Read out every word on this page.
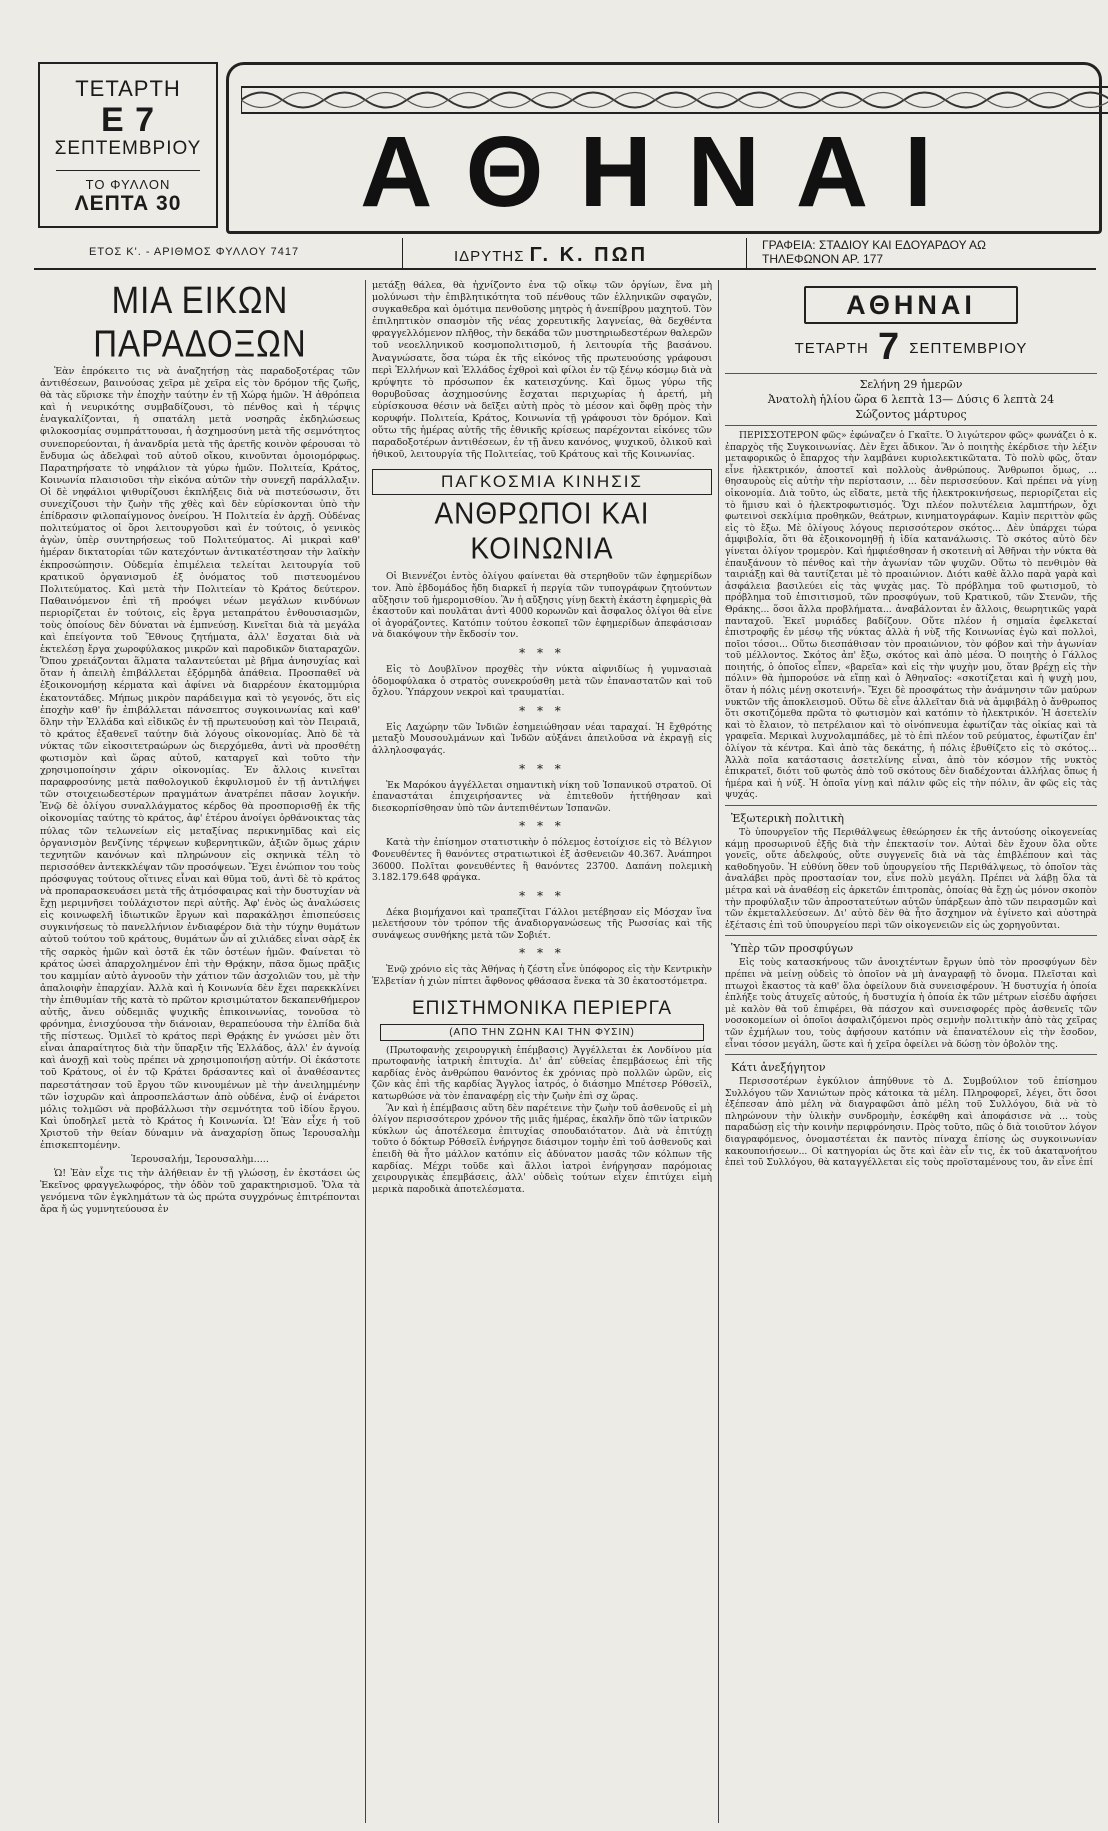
ΤΕΤΑΡΤΗ
Ε 7
ΣΕΠΤΕΜΒΡΙΟΥ
ΤΟ ΦΥΛΛΟΝ
ΛΕΠΤΑ 30	ΑΘΗΝΑΙ
ΕΤΟΣ Κ'. - ΑΡΙΘΜΟΣ ΦΥΛΛΟΥ 7417	ΙΔΡΥΤΗΣ Γ. Κ. ΠΩΠ	ΓΡΑΦΕΙΑ: ΣΤΑΔΙΟΥ ΚΑΙ ΕΔΟΥΑΡΔΟΥ ΑΩ
ΤΗΛΕΦΩΝΟΝ ΑΡ. 177
ΜΙΑ ΕΙΚΩΝ ΠΑΡΑΔΟΞΩΝ

Ἐὰν ἐπρόκειτο τις νὰ ἀναζητήσῃ τὰς παραδοξοτέρας τῶν ἀντιθέσεων, βαινούσας χεῖρα μὲ χεῖρα εἰς τὸν δρόμον τῆς ζωῆς, θὰ τὰς εὕρισκε τὴν ἐποχὴν ταύτην ἐν τῇ Χώρᾳ ἡμῶν. Ἡ ἀθρόπεια καὶ ἡ νευρικότης συμβαδίζουσι, τὸ πένθος καὶ ἡ τέρψις ἐναγκαλίζονται, ἡ σπατάλη μετὰ νοσηρᾶς ἐκδηλώσεως φιλοκοσμίας συμπράττουσαι, ἡ ἀσχημοσύνη μετὰ τῆς σεμνότητος συνεπορεύονται, ἡ ἀνανδρία μετὰ τῆς ἀρετῆς κοινὸν φέρουσαι τὸ ἔνδυμα ὡς ἀδελφαὶ τοῦ αὐτοῦ οἴκου, κινοῦνται ὁμοιομόρφως. Παρατηρήσατε τὸ νηφάλιον τὰ γύρω ἡμῶν. Πολιτεία, Κράτος, Κοινωνία πλαισιοῦσι τὴν εἰκόνα αὐτῶν τὴν συνεχῆ παράλλαξιν. Οἱ δὲ νηφάλιοι ψιθυρίζουσι ἐκπλήξεις διὰ νὰ πιστεύσωσιν, ὅτι συνεχίζουσι τὴν ζωὴν τῆς χθὲς καὶ δὲν εὑρίσκονται ὑπὸ τὴν ἐπίδρασιν φιλοπαίγμονος ὀνείρου. Ἡ Πολιτεία ἐν ἀρχῇ. Οὐδένας πολιτεύματος οἱ ὅροι λειτουργοῦσι καὶ ἐν τούτοις, ὁ γενικὸς ἀγὼν, ὑπὲρ συντηρήσεως τοῦ Πολιτεύματος. Αἱ μικραὶ καθ' ἡμέραν δικτατορίαι τῶν κατεχόντων ἀντικατέστησαν τὴν λαϊκὴν ἐκπροσώπησιν. Οὐδεμία ἐπιμέλεια τελείται λειτουργία τοῦ κρατικοῦ ὀργανισμοῦ ἐξ ὀνόματος τοῦ πιστευομένου Πολιτεύματος. Καὶ μετὰ τὴν Πολιτείαν τὸ Κράτος δεύτερον. Παθαινόμενον ἐπὶ τῆ προόψει νέων μεγάλων κινδύνων περιορίζεται ἐν τούτοις, εἰς ἔργα μεταπράτου ἐνθουσιασμῶν, τοὺς ὁποίους δὲν δύναται νὰ ἐμπνεύσῃ. Κινεῖται διὰ τὰ μεγάλα καὶ ἐπείγοντα τοῦ Ἔθνους ζητήματα, ἀλλ' ἔσχαται διὰ νὰ ἐκτελέσῃ ἔργα χωροφύλακος μικρῶν καὶ παροδικῶν διαταραχῶν. Ὅπου χρειάζονται ἅλματα ταλαντεύεται μὲ βῆμα ἀνησυχίας καὶ ὅταν ἡ ἀπειλὴ ἐπιβάλλεται ἐξόρμηδὰ ἀπάθεια. Προσπαθεῖ νὰ ἐξοικονομήσῃ κέρματα καὶ ἀφίνει νὰ διαρρέουν ἑκατομμύρια ἑκατοντάδες. Μήπως μικρὸν παράδειγμα καὶ τὸ γεγονός, ὅτι εἰς ἐποχὴν καθ' ἣν ἐπιβάλλεται πάνσεπτος συγκοινωνίας καὶ καθ' ὅλην τὴν Ἑλλάδα καὶ εἰδικῶς ἐν τῇ πρωτευούσῃ καὶ τὸν Πειραιᾶ, τὸ κράτος ἐξαθενεῖ ταύτην διὰ λόγους οἰκονομίας. Ἀπὸ δὲ τὰ νύκτας τῶν εἰκοσιτετραώρων ὡς διερχόμεθα, ἀντὶ νὰ προσθέτῃ φωτισμὸν καὶ ὥρας αὐτοῦ, καταργεῖ καὶ τοῦτο τὴν χρησιμοποίησιν χάριν οἰκονομίας. Ἐν ἄλλοις κινεῖται παραφροσύνης μετὰ παθολογικοῦ ἐκφυλισμοῦ ἐν τῇ ἀντιλήψει τῶν στοιχειωδεστέρων πραγμάτων ἀνατρέπει πᾶσαν λογικήν. Ἐνῷ δὲ ὀλίγου συναλλάγματος κέρδος θὰ προσπορισθῇ ἐκ τῆς οἰκονομίας ταύτης τὸ κράτος, ἀφ' ἑτέρου ἀνοίγει ὀρθάνοικτας τὰς πύλας τῶν τελωνείων εἰς μεταξίνας περικνημῖδας καὶ εἰς ὀργανισμὸν βενζίνης τέρψεων κυβερνητικῶν, ἀξιῶν ὅμως χάριν τεχνητῶν κανόνων καὶ πληρώνουν εἰς σκηνικὰ τέλη τὸ περισσόθεν ἀντεκκλέψαν τῶν προσόψεων. Ἔχει ἐνώπιον του τοὺς πρόσφυγας τούτους οἵτινες εἶναι καὶ θῦμα τοῦ, ἀντὶ δὲ τὸ κράτος νὰ προπαρασκευάσει μετὰ τῆς ἀτμόσφαιρας καὶ τὴν δυστυχίαν νὰ ἔχῃ μεριμνῆσει τοὐλάχιστον περὶ αὐτῆς. Ἀφ' ἑνὸς ὡς ἀναλώσεις εἰς κοινωφελῆ ἰδιωτικῶν ἔργων καὶ παρακάλῃσι ἐπισπεύσεις συγκινήσεως τὸ πανελλήνιον ἐνδιαφέρον διὰ τὴν τύχην θυμάτων αὐτοῦ τούτου τοῦ κράτους, θυμάτων ὧν αἱ χιλιάδες εἶναι σὰρξ ἐκ τῆς σαρκὸς ἡμῶν καὶ ὀστᾶ ἐκ τῶν ὀστέων ἡμῶν. Φαίνεται τὸ κράτος ὡσεὶ ἀπαρχολημένον ἐπὶ τὴν Θρᾴκην, πᾶσα ὅμως πρᾶξις του καμμίαν αὐτὸ ἀγνοοῦν τὴν χάτιον τῶν ἀσχολιῶν του, μὲ τὴν ἀπαλοιφὴν ἐπαρχίαν. Ἀλλὰ καὶ ἡ Κοινωνία δὲν ἔχει παρεκκλίνει τὴν ἐπιθυμίαν τῆς κατὰ τὸ πρῶτον κρισιμώτατον δεκαπενθήμερον αὐτῆς, ἄνευ οὐδεμιᾶς ψυχικῆς ἐπικοινωνίας, τονοῦσα τὸ φρόνημα, ἐνισχύουσα τὴν διάνοιαν, θεραπεύουσα τὴν ἐλπίδα διὰ τῆς πίστεως. Ὁμιλεῖ τὸ κράτος περὶ Θρᾴκης ἐν γνώσει μὲν ὅτι εἶναι ἀπαραίτητος διὰ τὴν ὕπαρξιν τῆς Ἑλλάδος, ἀλλ' ἐν ἀγνοίᾳ καὶ ἀνοχῇ καὶ τοὺς πρέπει νὰ χρησιμοποιήσῃ αὐτήν. Οἱ ἐκάστοτε τοῦ Κράτους, οἱ ἐν τῷ Κράτει δράσαντες καὶ οἱ ἀναθέσαντες παρεστάτησαν τοῦ ἔργου τῶν κινουμένων μὲ τὴν ἀνειλημμένην τῶν ἰσχυρῶν καὶ ἀπροσπελάστων ἀπὸ οὐδένα, ἐνῷ οἱ ἐνάρετοι μόλις τολμῶσι νὰ προβάλλωσι τὴν σεμνότητα τοῦ ἰδίου ἔργου. Καὶ ὑποδηλεῖ μετὰ τὸ Κράτος ἡ Κοινωνία. Ὡ! Ἐὰν εἶχε ἡ τοῦ Χριστοῦ τὴν θείαν δύναμιν νὰ ἀναχαρίσῃ ὅπως Ἱερουσαλὴμ ἐπισκεπτομένην.

Ἱερουσαλήμ, Ἱερουσαλὴμ.....

Ὡ! Ἐὰν εἶχε τις τὴν ἀλήθειαν ἐν τῇ γλώσσῃ, ἐν ἐκστάσει ὡς Ἐκεῖνος φραγγελωφόρος, τὴν ὁδὸν τοῦ χαρακτηρισμοῦ. Ὅλα τὰ γενόμενα τῶν ἐγκλημάτων τὰ ὡς πρώτα συγχρόνως ἐπιτρέπονται ἄρα ἤ ὡς γυμνητεύουσα ἐν

μετάξῃ θάλεα, θὰ ἠχνίζοντο ἐνα τῷ οἴκῳ τῶν ὀργίων, ἕνα μὴ μολύνωσι τὴν ἐπιβλητικότητα τοῦ πένθους τῶν ἑλληνικῶν σφαγῶν, συγκαθεδρα καὶ ὁμότιμα πενθοῦσης μητρὸς ἡ ἀνεπίβρου μαχητοῦ. Τὸν ἐπιληπτικὸν σπασμὸν τῆς νέας χορευτικῆς λαγνείας, θὰ δεχθέντα φραγγελλόμενον πλῆθος, τὴν δεκάδα τῶν μυστηριωδεστέρων θαλερῶν τοῦ νεοελληνικοῦ κοσμοπολιτισμοῦ, ἡ λειτουρία τῆς βασάνου. Ἀναγνώσατε, ὅσα τώρα ἐκ τῆς εἰκόνος τῆς πρωτευούσης γράφουσι περὶ Ἑλλήνων καὶ Ἑλλάδος ἐχθροὶ καὶ φίλοι ἐν τῷ ξένῳ κόσμῳ διὰ νὰ κρύψητε τὸ πρόσωπον ἐκ κατεισχύνης. Καὶ ὅμως γύρω τῆς θορυβοῦσας ἀσχημοσύνης ἔσχαται περιχωρίας ἡ ἀρετή, μὴ εὑρίσκουσα θέσιν νὰ δεῖξει αὐτὴ πρὸς τὸ μέσον καὶ ὄφθῃ πρὸς τὴν κορυφήν. Πολιτεία, Κράτος, Κοινωνία τῇ γράφουσι τὸν δρόμον. Καὶ οὕτω τῆς ἡμέρας αὐτῆς τῆς ἐθνικῆς κρίσεως παρέχονται εἰκόνες τῶν παραδοξοτέρων ἀντιθέσεων, ἐν τῇ ἄνευ κανόνος, ψυχικοῦ, ὀλικοῦ καὶ ἠθικοῦ, λειτουργία τῆς Πολιτείας, τοῦ Κράτους καὶ τῆς Κοινωνίας.

ΠΑΓΚΟΣΜΙΑ ΚΙΝΗΣΙΣ
ΑΝΘΡΩΠΟΙ ΚΑΙ ΚΟΙΝΩΝΙΑ

Οἱ Βιεννέζοι ἐντὸς ὀλίγου φαίνεται θὰ στερηθοῦν τῶν ἐφημερίδων τον. Ἀπὸ ἑβδομάδος ἤδη διαρκεῖ ἡ περγία τῶν τυπογράφων ζητούντων αὔξησιν τοῦ ἡμερομισθίου. Ἂν ἡ αὔξησις γίνῃ δεκτὴ ἑκάστη ἐφημερὶς θὰ ἐκαστοῦν καὶ πουλᾶται ἀντὶ 4000 κορωνῶν καὶ ἄσφαλος ὀλίγοι θὰ εἶνε οἱ ἀγοράζοντες. Κατόπιν τούτου ἐσκοπεῖ τῶν ἐφημερίδων ἀπεφάσισαν νὰ διακόψουν τὴν ἔκδοσίν τον.

* * *

Εἰς τὸ Δουβλῖνον προχθὲς τὴν νύκτα αἰφνιδίως ἡ γυμνασιαὰ ὁδομοφύλακα ὁ στρατὸς συνεκρούσθη μετὰ τῶν ἐπαναστατῶν καὶ τοῦ ὄχλου. Ὑπάρχουν νεκροὶ καὶ τραυματίαι.

* * *

Εἰς Λαχώρην τῶν Ἰνδιῶν ἐσημειώθησαν νέαι ταραχαί. Ἡ ἔχθρότης μεταξὺ Μουσουλμάνων καὶ Ἰνδῶν αὐξάνει ἀπειλοῦσα νὰ ἐκραγῇ εἰς ἀλληλοσφαγάς.

* * *

Ἐκ Μαρόκου ἀγγέλλεται σημαντικὴ νίκη τοῦ Ἱσπανικοῦ στρατοῦ. Οἱ ἐπαναστάται ἐπιχειρήσαντες νὰ ἐπιτεθοῦν ἡττήθησαν καὶ διεσκορπίσθησαν ὑπὸ τῶν ἀντεπιθέντων Ἱσπανῶν.

* * *

Κατὰ τὴν ἐπίσημον στατιστικὴν ὁ πόλεμος ἐστοίχισε εἰς τὸ Βέλγιον Φονευθέντες ἢ θανόντες στρατιωτικοὶ ἐξ ἀσθενειῶν 40.367. Ἀνάπηροι 36000. Πολῖται φονευθέντες ἢ θανόντες 23700. Δαπάνη πολεμικὴ 3.182.179.648 φράγκα.

* * *

Δέκα βιομήχανοι καὶ τραπεζῖται Γάλλοι μετέβησαν εἰς Μόσχαν ἵνα μελετήσουν τὸν τρόπον τῆς ἀναδιοργανώσεως τῆς Ρωσσίας καὶ τῆς συνάψεως συνθήκης μετὰ τῶν Σοβιέτ.

* * *

Ἐνῷ χρόνιο εἰς τὰς Ἀθήνας ἡ ζέστη εἶνε ὑπόφορος εἰς τὴν Κεντρικὴν Ἑλβετίαν ἡ χιὼν πίπτει ἄφθονος φθάσασα ἕνεκα τὰ 30 ἑκατοστόμετρα.

ΕΠΙΣΤΗΜΟΝΙΚΑ ΠΕΡΙΕΡΓΑ
(ΑΠΟ ΤΗΝ ΖΩΗΝ ΚΑΙ ΤΗΝ ΦΥΣΙΝ)

(Πρωτοφανὴς χειρουργικὴ ἐπέμβασις) Ἀγγέλλεται ἐκ Λονδίνου μία πρωτοφανὴς ἰατρικὴ ἐπιτυχία. Δι' ἀπ' εὐθείας ἐπεμβάσεως ἐπὶ τῆς καρδίας ἑνὸς ἀνθρώπου θανόντος ἐκ χρόνιας πρὸ πολλῶν ὡρῶν, εἰς ζῶν κὰς ἐπὶ τῆς καρδίας Ἄγγλος ἰατρός, ὁ διάσημο Μπέτσερ Ρόθσεϊλ, κατωρθώσε νὰ τὸν ἐπαναφέρῃ εἰς τὴν ζωὴν ἐπὶ σχ ὥρας.

Ἂν καὶ ἡ ἐπέμβασις αὕτη δὲν παρέτεινε τὴν ζωὴν τοῦ ἀσθενοῦς εἰ μὴ ὀλίγον περισσότερον χρόνον τῆς μιᾶς ἡμέρας, ἐκαλῆν ὅπὸ τῶν ἰατρικῶν κύκλων ὡς ἀποτέλεσμα ἐπιτυχίας σπουδαιότατον. Διὰ νὰ ἐπιτύχῃ τοῦτο ὁ δόκτωρ Ρόθσεϊλ ἐνήργησε διάσιμον τομὴν ἐπὶ τοῦ ἀσθενοῦς καὶ ἐπειδὴ θὰ ἦτο μάλλον κατόπιν εἰς ἀδύνατον μασᾶς τῶν κόλπων τῆς καρδίας. Μέχρι τοῦδε καὶ ἄλλοι ἰατροὶ ἐνήργησαν παρόμοιας χειρουργικὰς ἐπεμβάσεις, ἀλλ' οὐδεὶς τούτων εἶχεν ἐπιτύχει εἰμὴ μερικὰ παροδικὰ ἀποτελέσματα.

ΑΘΗΝΑΙ
ΤΕΤΑΡΤΗ 7 ΣΕΠΤΕΜΒΡΙΟΥ
Σελήνη 29 ἡμερῶν
Ἀνατολὴ ἡλίου ὥρα 6 λεπτὰ 13— Δύσις 6 λεπτὰ 24
Σώζοντος μάρτυρος

ΠΕΡΙΣΣΟΤΕΡΟΝ φῶς» ἐφώναζεν ὁ Γκαῖτε. Ὁ λιγώτερον φῶς» φωνάζει ὁ κ. ἐπαρχὸς τῆς Συγκοινωνίας. Δὲν ἔχει ἄδικον. Ἂν ὁ ποιητὴς ἐκέρδισε τὴν λέξιν μεταφορικῶς ὁ ἔπαρχος τὴν λαμβάνει κυριολεκτικῶτατα. Τὸ πολὺ φῶς, ὅταν εἶνε ἠλεκτρικόν, ἀποστεῖ καὶ πολλοὺς ἀνθρώπους. Ἄνθρωποι ὅμως, ... θησαυροὺς εἰς αὐτὴν τὴν περίστασιν, ... δὲν περισσεύουν. Καὶ πρέπει νὰ γίνῃ οἰκονομία. Διὰ τοῦτο, ὡς εἴδατε, μετὰ τῆς ἠλεκτροκινήσεως, περιορίζεται εἰς τὸ ἥμισυ καὶ ὁ ἠλεκτροφωτισμός. Ὄχι πλέον πολυτέλεια λαμπτήρων, ὄχι φωτεινοὶ σεκλίμια προθηκῶν, θεάτρων, κινηματογράφων. Καμὶν περιττὸν φῶς εἰς τὸ ἔξω. Μὲ ὀλίγους λόγους περισσότερον σκότος... Δὲν ὑπάρχει τώρα ἀμφιβολία, ὅτι θὰ ἐξοικονομηθῇ ἡ ἰδία κατανάλωσις. Τὸ σκότος αὐτὸ δὲν γίνεται ὀλίγον τρομερὸν. Καὶ ἠμφιέσθησαν ἡ σκοτεινὴ αἱ Ἀθῆναι τὴν νύκτα θὰ ἐπαυξάνουν τὸ πένθος καὶ τὴν ἀγωνίαν τῶν ψυχῶν. Οὕτω τὸ πενθιμὸν θὰ ταιριάξῃ καὶ θὰ ταυτίζεται μὲ τὸ προαιώνιον. Διότι καθὲ ἄλλο παρὰ γαρὰ καὶ ἀσφάλεια βασιλεύει εἰς τὰς ψυχὰς μας. Τὸ πρόβλημα τοῦ φωτισμοῦ, τὸ πρόβλημα τοῦ ἐπισιτισμοῦ, τῶν προσφύγων, τοῦ Κρατικοῦ, τῶν Στενῶν, τῆς Θράκης... ὅσοι ἄλλα προβλήματα... ἀναβάλονται ἐν ἄλλοις, θεωρητικῶς γαρὰ πανταχοῦ. Ἐκεῖ μυριάδες βαδίζουν. Οὔτε πλέον ἡ σημαία ἐφελκεταί ἐπιστροφῆς ἐν μέσῳ τῆς νύκτας ἀλλὰ ἡ νὺξ τῆς Κοινωνίας ἐγὼ καὶ πολλοὶ, ποῖοι τόσοι... Οὕτω διεσπάθισαν τὸν προαιώνιον, τὸν φόβον καὶ τὴν ἀγωνίαν τοῦ μέλλοντος. Σκότος ἀπ' ἔξω, σκότος καὶ ἀπὸ μέσα. Ὁ ποιητὴς ὁ Γάλλος ποιητής, ὁ ὁποῖος εἶπεν, «βαρεῖα» καὶ εἰς τὴν ψυχὴν μου, ὅταν βρέχῃ εἰς τὴν πόλιν» θὰ ἠμπορούσε νὰ εἴπῃ καὶ ὁ Ἀθηναῖος: «σκοτίζεται καὶ ἡ ψυχὴ μου, ὅταν ἡ πόλις μένῃ σκοτεινή». Ἔχει δὲ προσφάτως τὴν ἀνάμνησιν τῶν μαύρων νυκτῶν τῆς ἀποκλεισμοῦ. Οὕτω δὲ εἶνε ἀλλεῖταν διὰ νὰ ἀμφιβάλῃ ὁ ἄνθρωπος ὅτι σκοτιζόμεθα πρῶτα τὸ φωτισμὸν καὶ κατόπιν τὸ ἠλεκτρικόν. Ἡ ἀσετελίν καὶ τὸ ἔλαιον, τὸ πετρέλαιον καὶ τὸ οἰνόπνευμα ἐφωτίζαν τὰς οἰκίας καὶ τὰ γραφεῖα. Μερικαὶ λυχνολαμπάδες, μὲ τὸ ἐπὶ πλέον τοῦ ρεύματος, ἐφωτίζαν ἐπ' ὀλίγον τὰ κέντρα. Καὶ ἀπὸ τὰς δεκάτης, ἡ πόλις ἐβυθίζετο εἰς τὸ σκότος... Ἀλλὰ ποῖα κατάστασις ἀσετελίνης εἶναι, ἀπὸ τὸν κόσμον τῆς νυκτὸς ἐπικρατεῖ, διότι τοῦ φωτὸς ἀπὸ τοῦ σκότους δὲν διαδέχονται ἀλλήλας ὅπως ἡ ἡμέρα καὶ ἡ νύξ. Ἡ ὁποῖα γίνῃ καὶ πάλιν φῶς εἰς τὴν πόλιν, ἂν φῶς εἰς τὰς ψυχάς.

Ἐξωτερικὴ πολιτικὴ

Τὸ ὑπουργεῖον τῆς Περιθάλψεως ἐθεώρησεν ἐκ τῆς ἀντούσης οἰκογενείας κάμῃ προσωρινοῦ ἐξῆς διὰ τὴν ἐπεκτασίν τον. Αὐταὶ δὲν ἔχουν ὅλα οὔτε γονεῖς, οὔτε ἀδελφούς, οὔτε συγγενεῖς διὰ νὰ τὰς ἐπιβλέπουν καὶ τὰς καθοδηγοῦν. Ἡ εὐθύνη ὅθεν τοῦ ὑπουργείου τῆς Περιθάλψεως, τὸ ὁποῖον τὰς ἀναλάβει πρὸς προστασίαν τον, εἶνε πολὺ μεγάλη. Πρέπει νὰ λάβῃ ὅλα τὰ μέτρα καὶ νὰ ἀναθέσῃ εἰς ἀρκετῶν ἐπιτροπὰς, ὁποίας θὰ ἔχῃ ὡς μόνον σκοπὸν τὴν προφύλαξιν τῶν ἀπροστατεύτων αὐτῶν ὑπάρξεων ἀπὸ τῶν πειρασμῶν καὶ τῶν ἐκμεταλλεύσεων. Δι' αὐτὸ δὲν θὰ ἦτο ἄσχημον νὰ ἐγίνετο καὶ αὐστηρὰ ἐξέτασις ἐπὶ τοῦ ὑπουργείου περὶ τῶν οἰκογενειῶν εἰς ὡς χορηγοῦνται.

Ὑπὲρ τῶν προσφύγων

Εἰς τοὺς κατασκήνους τῶν ἀνοιχτέντων ἔργων ὑπὸ τὸν προσφύγων δὲν πρέπει νὰ μείνῃ οὐδεὶς τὸ ὁποῖον νὰ μὴ ἀναγραφῇ τὸ ὄνομα. Πλεῖσται καὶ πτωχοὶ ἔκαστος τὰ καθ' ὅλα ὀφείλουν διὰ συνεισφέρουν. Ἡ δυστυχία ἡ ὁποία ἐπλήξε τοὺς ἀτυχεῖς αὐτούς, ἡ δυστυχία ἡ ὁποία ἐκ τῶν μέτρων εἰσέδυ ἀφήσει μὲ καλὸν θὰ τοῦ ἐπιφέρει, θὰ πάσχον καὶ συνεισφορές πρὸς ἀσθενεῖς τῶν νοσοκομείων οἱ ὁποῖοι ἀσφαλιζόμενοι πρὸς σεμνὴν πολιτικὴν ἀπὸ τὰς χεῖρας τῶν ἐχμήλων του, τοὺς ἀφήσουν κατόπιν νὰ ἐπανατέλουν εἰς τὴν ἔσοδον, εἶναι τόσον μεγάλη, ὥστε καὶ ἡ χεῖρα ὀφείλει νὰ δώσῃ τὸν ὀβολὸν της.

Κάτι ἀνεξήγητον

Περισσοτέρων ἐγκύλιον ἀπηύθυνε τὸ Δ. Συμβούλιον τοῦ ἐπίσημου Συλλόγου τῶν Χανιώτων πρὸς κάτοικα τὰ μέλη. Πληροφορεῖ, λέγει, ὅτι ὅσοι ἐξέπεσαν ἀπὸ μέλη νὰ διαγραφῶσι ἀπὸ μέλη τοῦ Συλλόγου, διὰ νὰ τὸ πληρώνουν τὴν ὑλικὴν συνδρομὴν, ἐσκέφθη καὶ ἀποφάσισε νὰ ... τοὺς παραδώσῃ εἰς τὴν κοινὴν περιφρόνησιν. Πρὸς τοῦτο, πῶς ὁ διὰ τοιοῦτον λόγον διαγραφόμενος, ὁνομαστέεται ἐκ παντὸς πίναχα ἐπίσης ὡς συγκοινωνίαν κακουποιήσεων... Οἱ κατηγορίαι ὡς ὅτε καὶ ἐὰν εἶν τις, ἐκ τοῦ ἀκατανοήτου ἐπεὶ τοῦ Συλλόγου, θὰ καταγγέλλεται εἰς τοὺς προϊσταμένους του, ἂν εἶνε ἐπί
